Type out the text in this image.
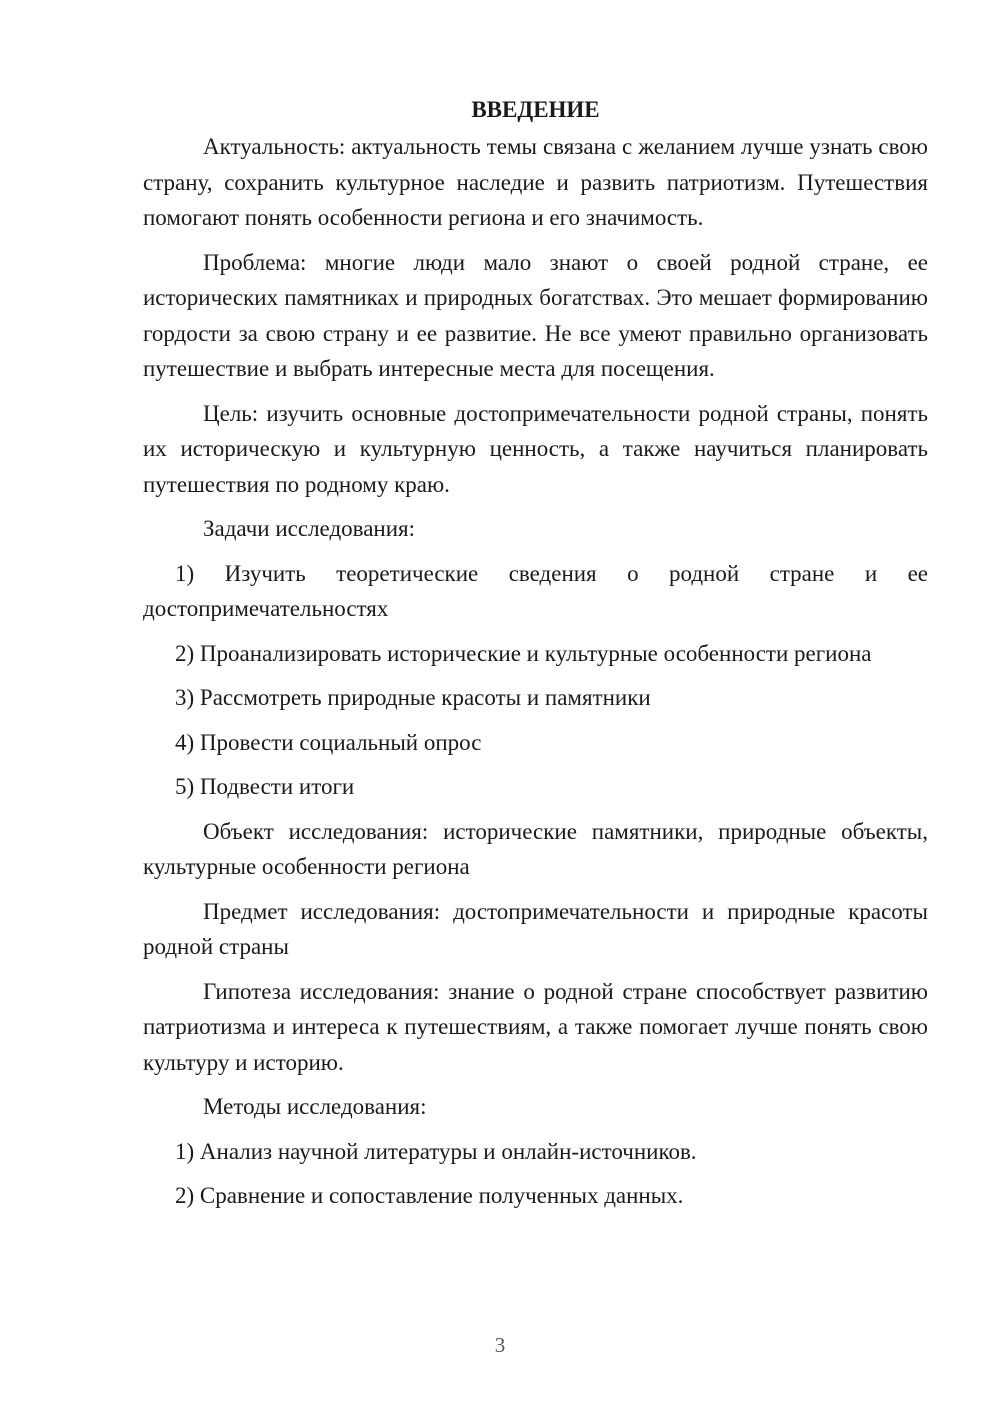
ВВЕДЕНИЕ

Актуальность: актуальность темы связана с желанием лучше узнать свою страну, сохранить культурное наследие и развить патриотизм. Путешествия помогают понять особенности региона и его значимость.

Проблема: многие люди мало знают о своей родной стране, ее исторических памятниках и природных богатствах. Это мешает формированию гордости за свою страну и ее развитие. Не все умеют правильно организовать путешествие и выбрать интересные места для посещения.

Цель: изучить основные достопримечательности родной страны, понять их историческую и культурную ценность, а также научиться планировать путешествия по родному краю.

Задачи исследования:

1) Изучить теоретические сведения о родной стране и ее достопримечательностях

2) Проанализировать исторические и культурные особенности региона

3) Рассмотреть природные красоты и памятники

4) Провести социальный опрос

5) Подвести итоги

Объект исследования: исторические памятники, природные объекты, культурные особенности региона

Предмет исследования: достопримечательности и природные красоты родной страны

Гипотеза исследования: знание о родной стране способствует развитию патриотизма и интереса к путешествиям, а также помогает лучше понять свою культуру и историю.

Методы исследования:

1) Анализ научной литературы и онлайн-источников.

2) Сравнение и сопоставление полученных данных.

3
